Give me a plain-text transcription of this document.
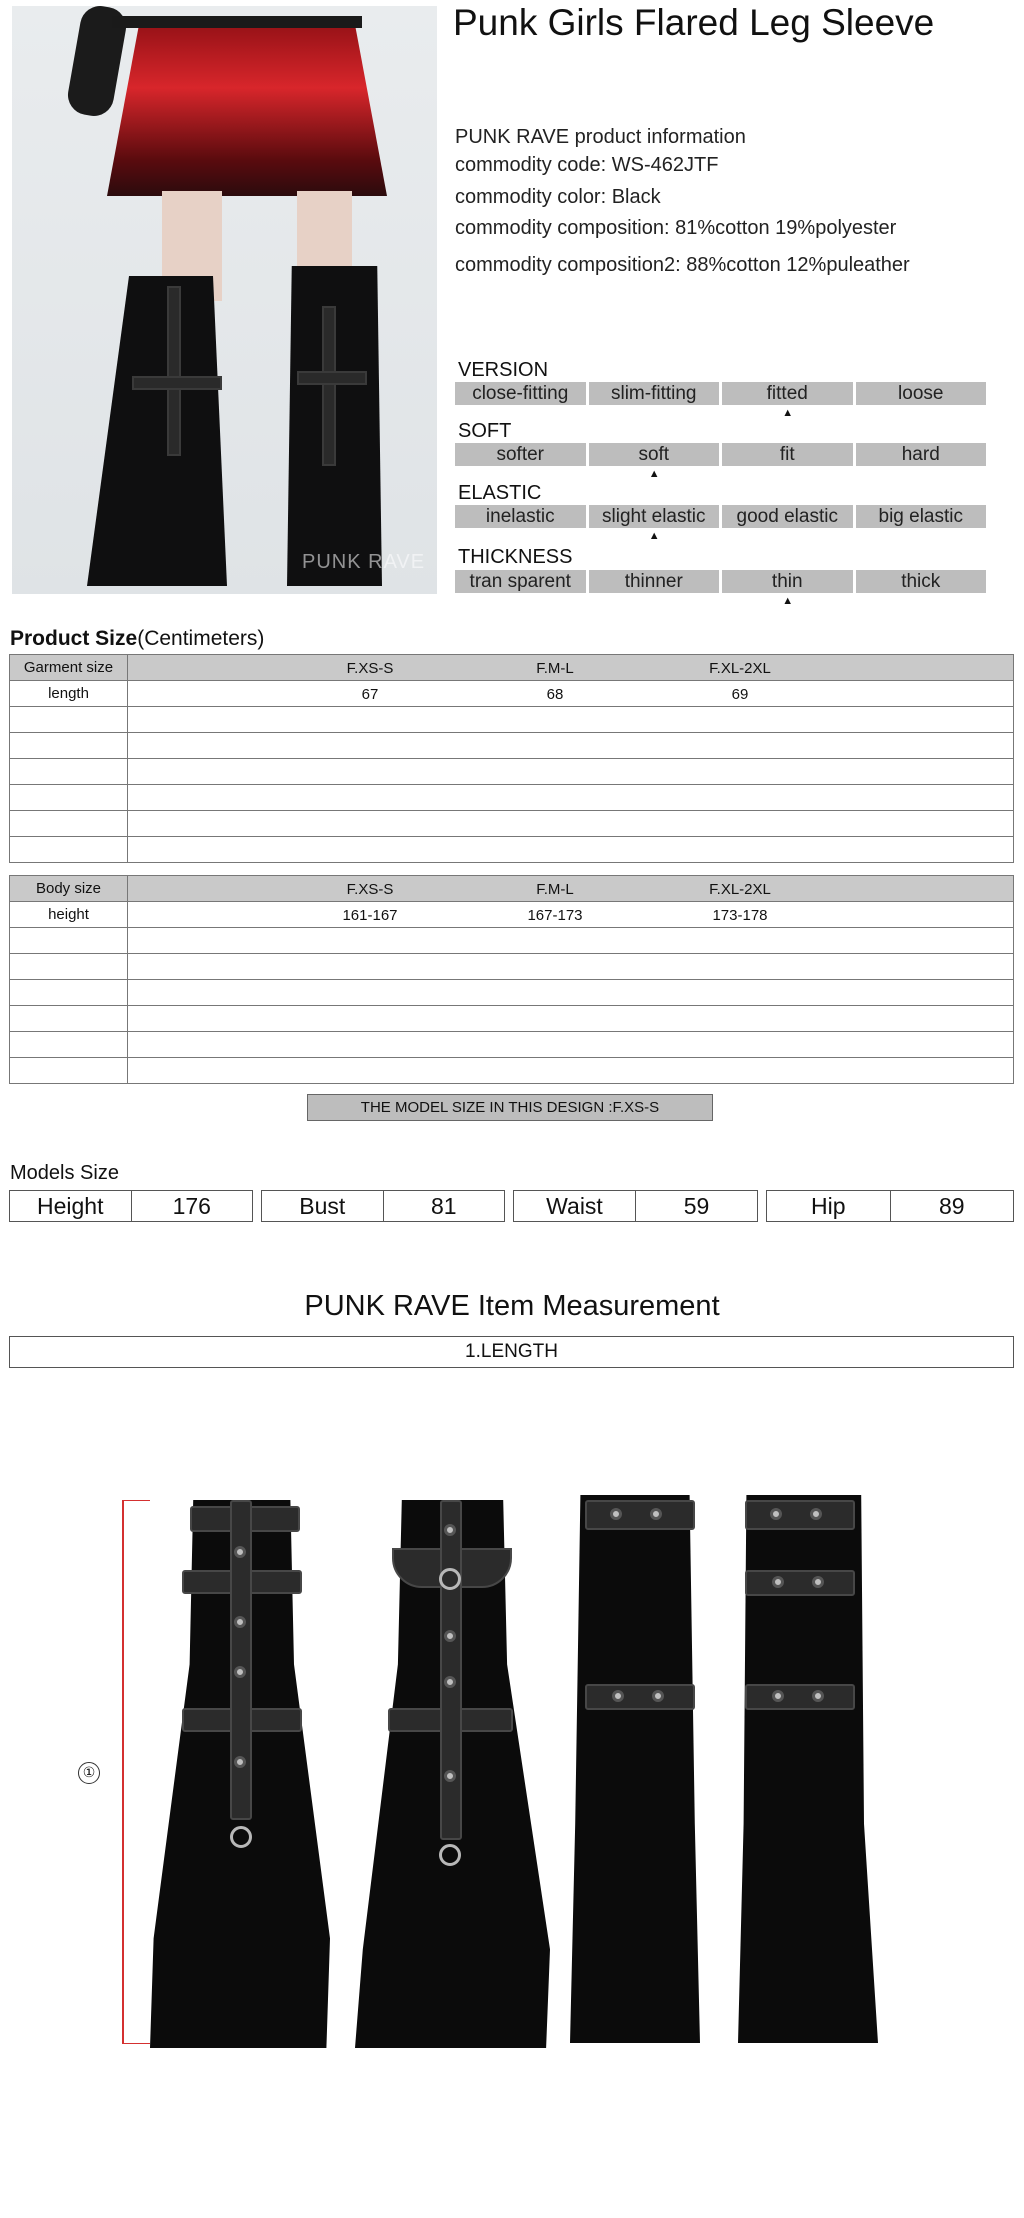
PUNK RAVE
Punk Girls Flared Leg Sleeve
PUNK RAVE product information
commodity code: WS-462JTF
commodity color: Black
commodity composition: 81%cotton 19%polyester
commodity composition2: 88%cotton 12%puleather
VERSION
close-fitting	slim-fitting	fitted	loose
▲
SOFT
softer	soft	fit	hard
▲
ELASTIC
inelastic	slight elastic	good elastic	big elastic
▲
THICKNESS
tran sparent	thinner	thin	thick
▲
Product Size(Centimeters)
Garment size	F.XS-S F.M-L F.XL-2XL

length	67 68 69

Body size	F.XS-S F.M-L F.XL-2XL

height	161-167 167-173 173-178

THE MODEL SIZE IN THIS DESIGN :F.XS-S
Models Size
Height	176	Bust	81	Waist	59	Hip	89
PUNK RAVE Item Measurement
1.LENGTH
①
